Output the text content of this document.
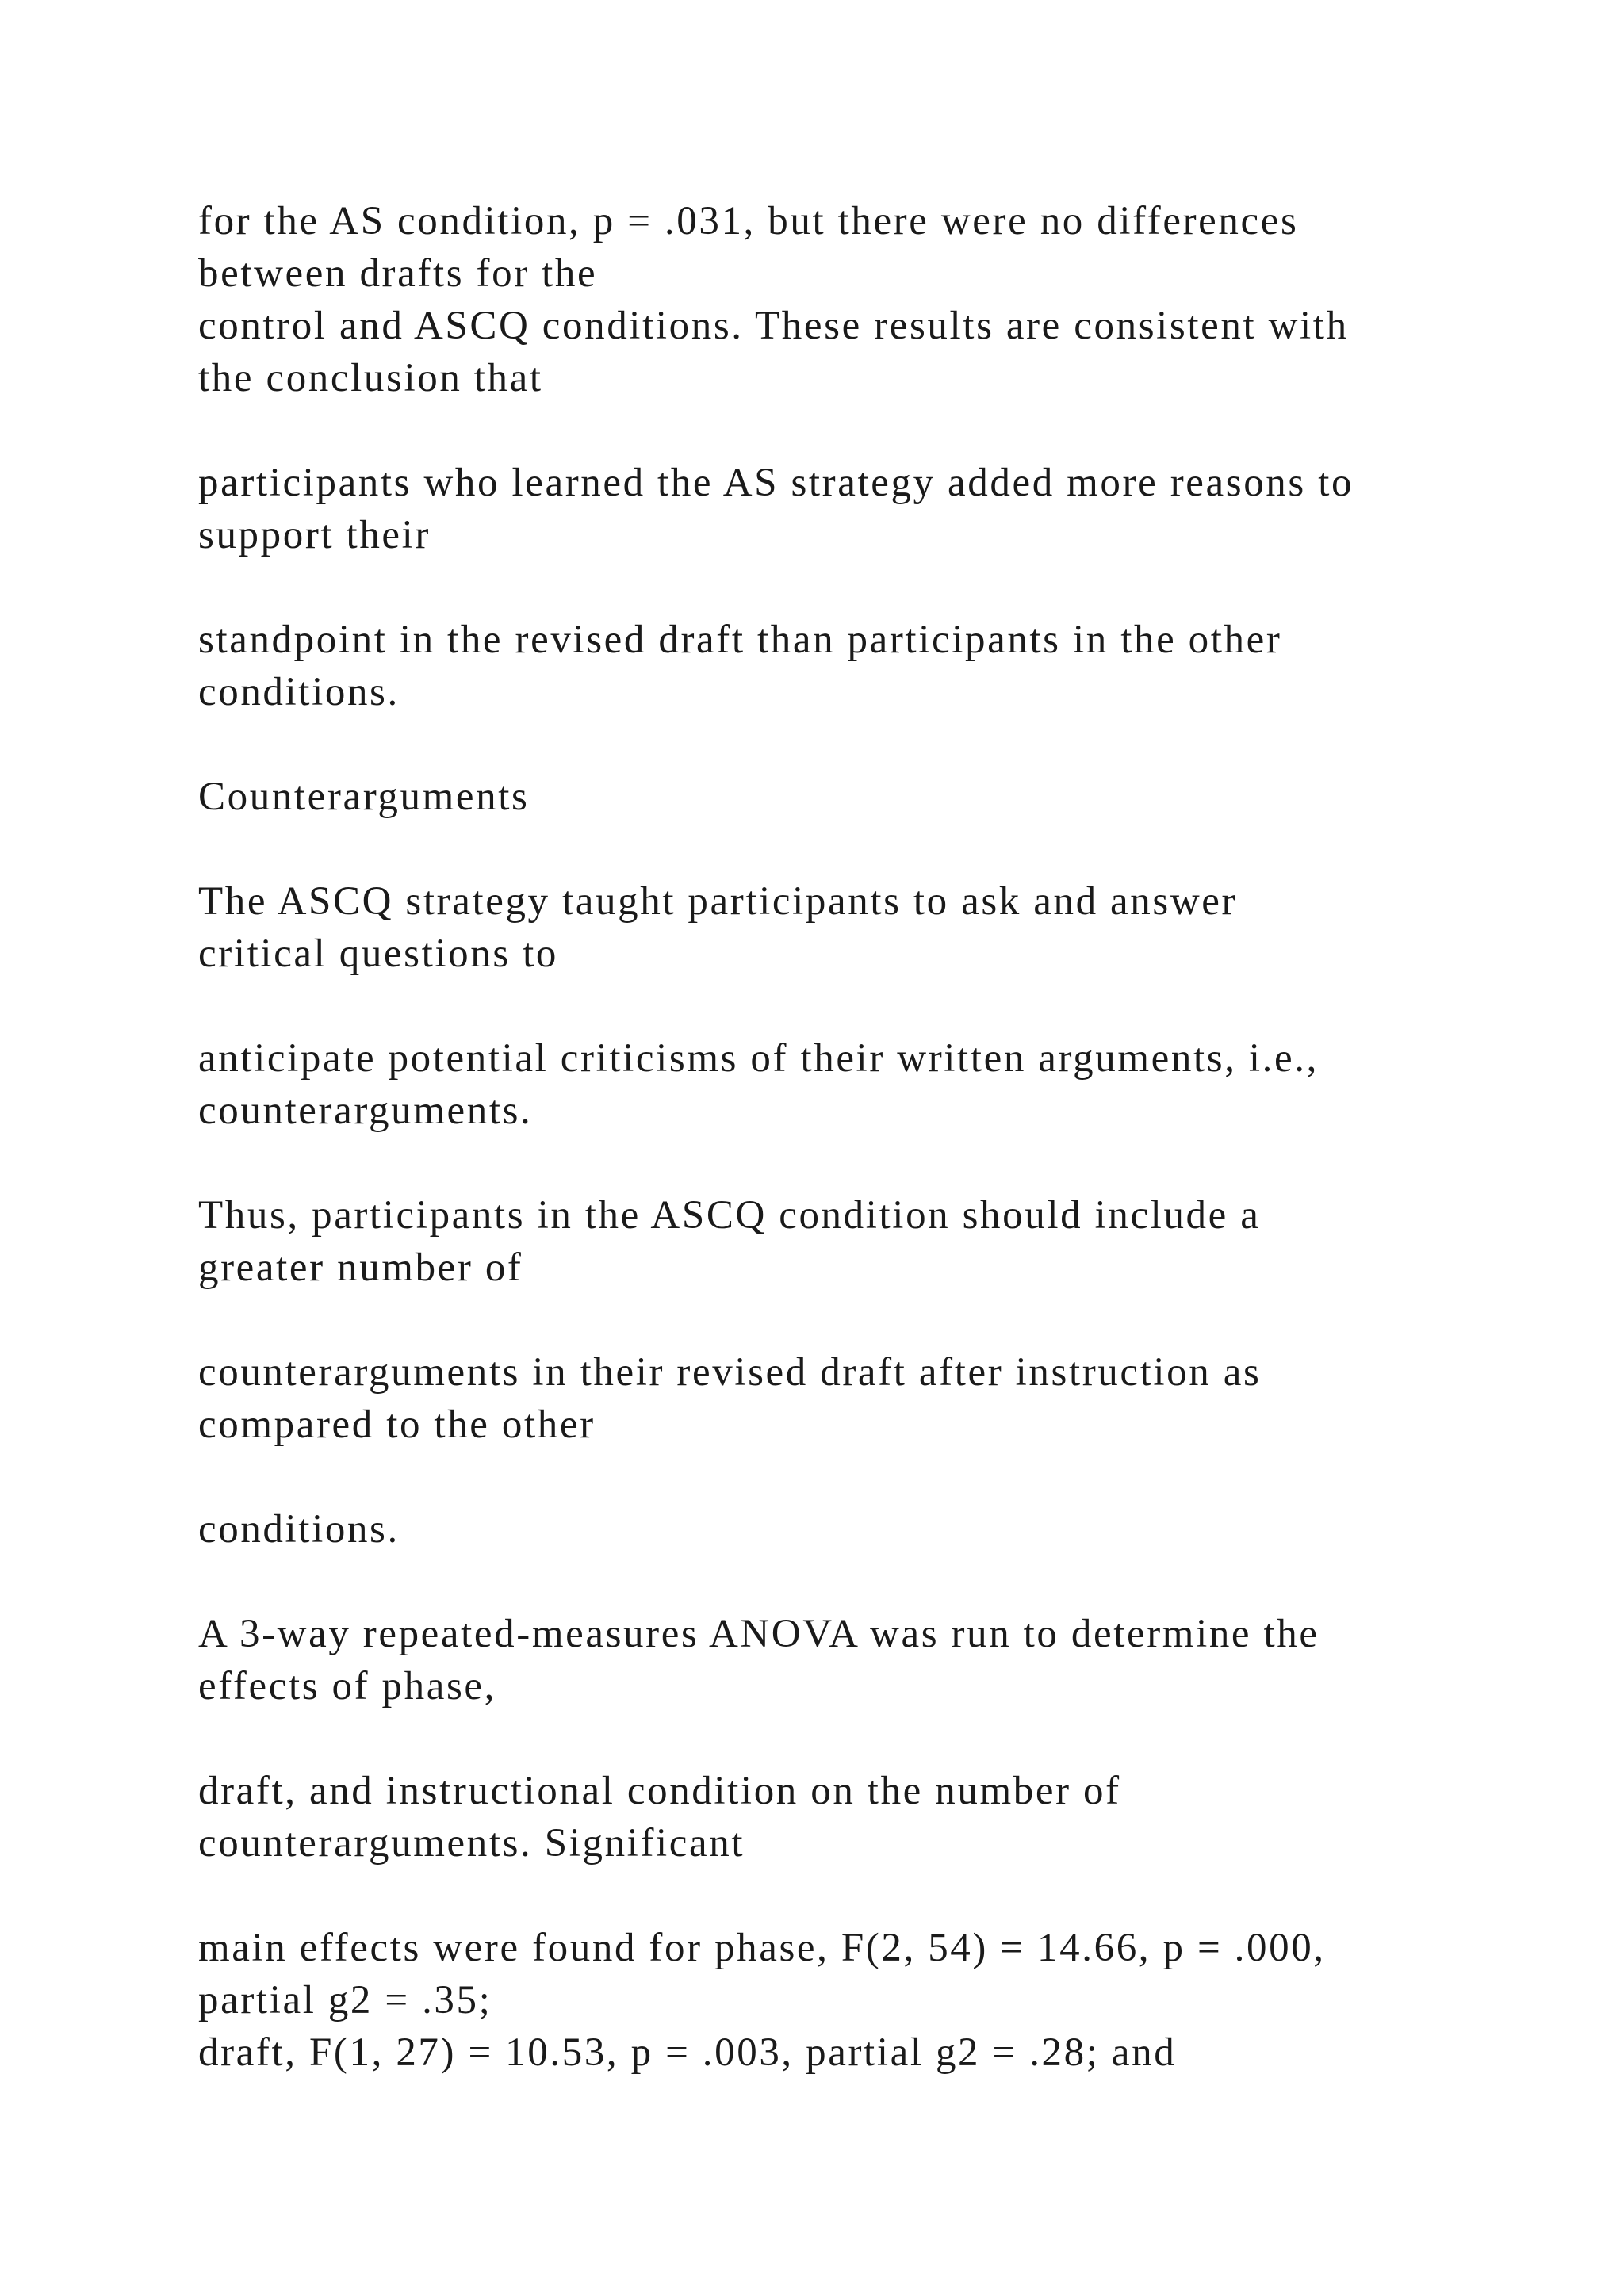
for the AS condition, p = .031, but there were no differences
between drafts for the
control and ASCQ conditions. These results are consistent with
the conclusion that
participants who learned the AS strategy added more reasons to
support their
standpoint in the revised draft than participants in the other
conditions.
Counterarguments
The ASCQ strategy taught participants to ask and answer
critical questions to
anticipate potential criticisms of their written arguments, i.e.,
counterarguments.
Thus, participants in the ASCQ condition should include a
greater number of
counterarguments in their revised draft after instruction as
compared to the other
conditions.
A 3-way repeated-measures ANOVA was run to determine the
effects of phase,
draft, and instructional condition on the number of
counterarguments. Significant
main effects were found for phase, F(2, 54) = 14.66, p = .000,
partial g2 = .35;
draft, F(1, 27) = 10.53, p = .003, partial g2 = .28; and
